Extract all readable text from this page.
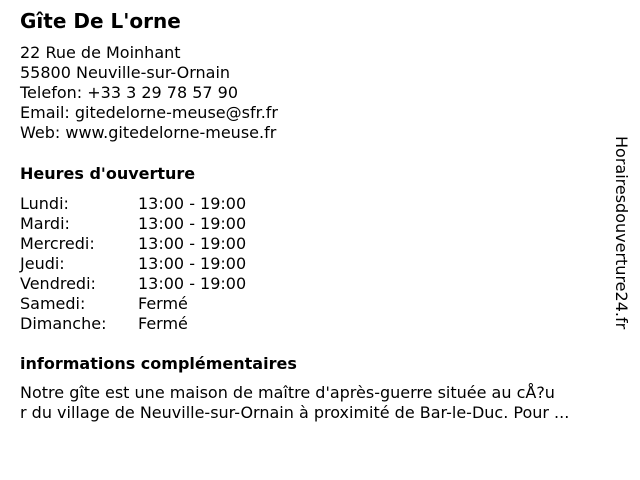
Gîte De L'orne
22 Rue de Moinhant
55800 Neuville-sur-Ornain
Telefon: +33 3 29 78 57 90
Email: gitedelorne-meuse@sfr.fr
Web: www.gitedelorne-meuse.fr
Heures d'ouverture
Lundi:	13:00 - 19:00
Mardi:	13:00 - 19:00
Mercredi:	13:00 - 19:00
Jeudi:	13:00 - 19:00
Vendredi:	13:00 - 19:00
Samedi:	Fermé
Dimanche:	Fermé
informations complémentaires
Notre gîte est une maison de maître d'après-guerre située au cÅ?u
r du village de Neuville-sur-Ornain à proximité de Bar-le-Duc. Pour ...
Horairesdouverture24.fr
